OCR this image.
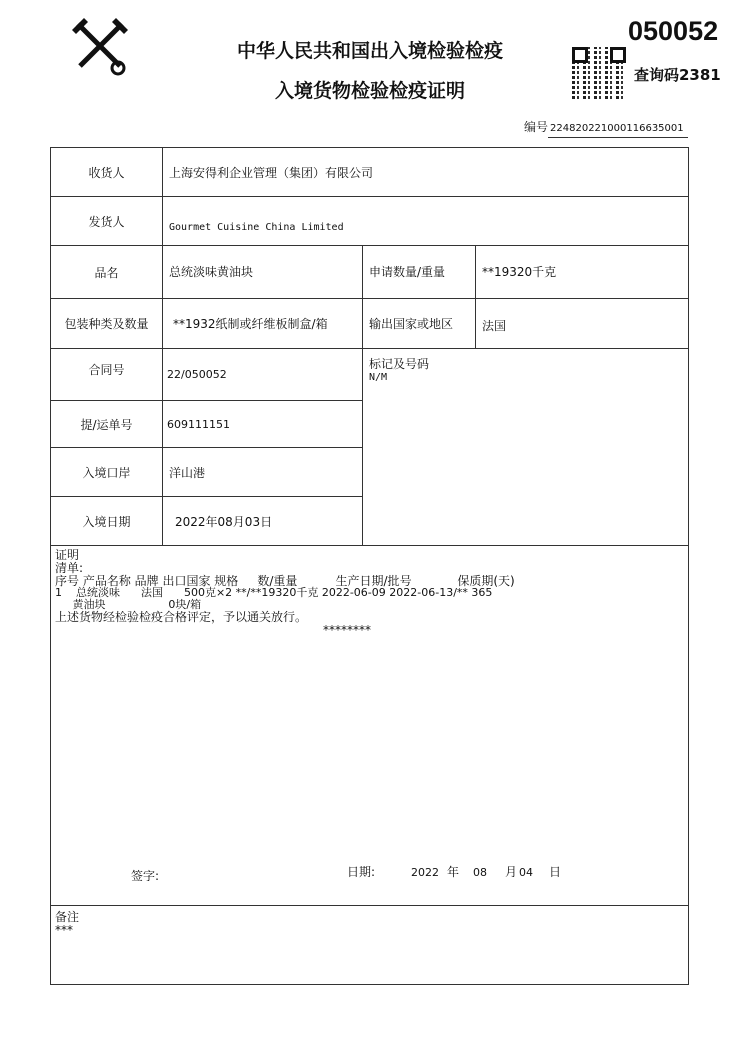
中华人民共和国出入境检验检疫
入境货物检验检疫证明
050052
查询码2381
编号 224820221000116635001
收货人	上海安得利企业管理（集团）有限公司
发货人	Gourmet Cuisine China Limited
品名	总统淡味黄油块	申请数量/重量	**19320千克
包装种类及数量	**1932纸制或纤维板制盒/箱	输出国家或地区	法国
合同号	22/050052
标记及号码
N/M
提/运单号	609111151
入境口岸	洋山港
入境日期	2022年08月03日
证明
清单:
序号 产品名称 品牌 出口国家 规格     数/重量          生产日期/批号            保质期(天)
1    总统淡味      法国      500克×2 **/**19320千克 2022-06-09 2022-06-13/** 365
黄油块                  0块/箱
上述货物经检验检疫合格评定，予以通关放行。
********
签字:	日期:	2022 年	08	月 04	日
备注
***
